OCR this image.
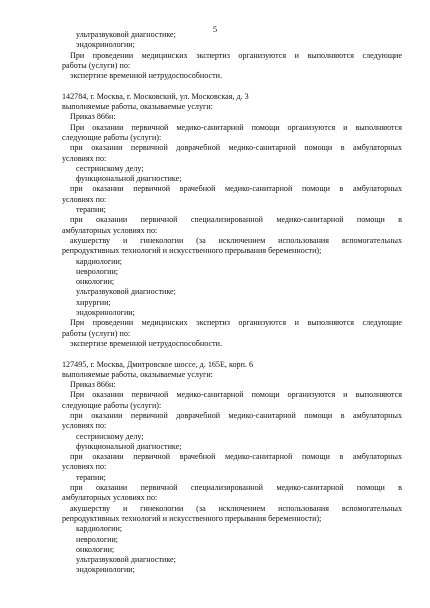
5
ультразвуковой диагностике;
эндокринологии;
При проведении медицинских экспертиз организуются и выполняются следующие
работы (услуги) по:
экспертизе временной нетрудоспособности.
142784, г. Москва, г. Московский, ул. Московская, д. 3
выполняемые работы, оказываемые услуги:
Приказ 866н:
При оказании первичной медико-санитарной помощи организуются и выполняются
следующие работы (услуги):
при оказании первичной доврачебной медико-санитарной помощи в амбулаторных
условиях по:
сестринскому делу;
функциональной диагностике;
при оказании первичной врачебной медико-санитарной помощи в амбулаторных
условиях по:
терапии;
при оказании первичной специализированной медико-санитарной помощи в
амбулаторных условиях по:
акушерству и гинекологии (за исключением использования вспомогательных
репродуктивных технологий и искусственного прерывания беременности);
кардиологии;
неврологии;
онкологии;
ультразвуковой диагностике;
хирургии;
эндокринологии;
При проведении медицинских экспертиз организуются и выполняются следующие
работы (услуги) по:
экспертизе временной нетрудоспособности.
127495, г. Москва, Дмитровское шоссе, д. 165Е, корп. 6
выполняемые работы, оказываемые услуги:
Приказ 866н:
При оказании первичной медико-санитарной помощи организуются и выполняются
следующие работы (услуги):
при оказании первичной доврачебной медико-санитарной помощи в амбулаторных
условиях по:
сестринскому делу;
функциональной диагностике;
при оказании первичной врачебной медико-санитарной помощи в амбулаторных
условиях по:
терапии;
при оказании первичной специализированной медико-санитарной помощи в
амбулаторных условиях по:
акушерству и гинекологии (за исключением использования вспомогательных
репродуктивных технологий и искусственного прерывания беременности);
кардиологии;
неврологии;
онкологии;
ультразвуковой диагностике;
эндокринологии;
